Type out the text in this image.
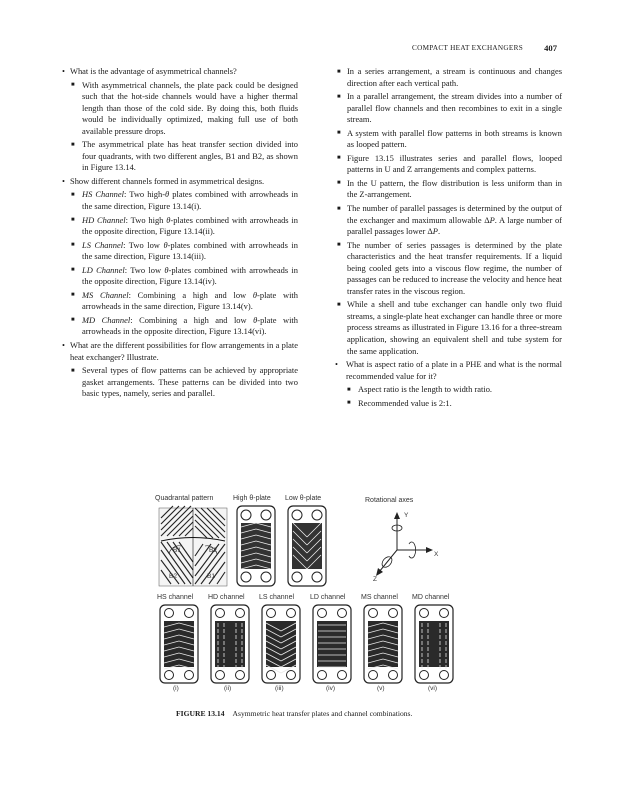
COMPACT HEAT EXCHANGERS 407
• What is the advantage of asymmetrical channels?
■ With asymmetrical channels, the plate pack could be designed such that the hot-side channels would have a higher thermal length than those of the cold side. By doing this, both fluids would be individually optimized, making full use of both available pressure drops.
■ The asymmetrical plate has heat transfer section divided into four quadrants, with two different angles, B1 and B2, as shown in Figure 13.14.
• Show different channels formed in asymmetrical designs.
■ HS Channel: Two high-θ plates combined with arrowheads in the same direction, Figure 13.14(i).
■ HD Channel: Two high θ-plates combined with arrowheads in the opposite direction, Figure 13.14(ii).
■ LS Channel: Two low θ-plates combined with arrowheads in the same direction, Figure 13.14(iii).
■ LD Channel: Two low θ-plates combined with arrowheads in the opposite direction, Figure 13.14(iv).
■ MS Channel: Combining a high and low θ-plate with arrowheads in the same direction, Figure 13.14(v).
■ MD Channel: Combining a high and low θ-plate with arrowheads in the opposite direction, Figure 13.14(vi).
• What are the different possibilities for flow arrangements in a plate heat exchanger? Illustrate.
■ Several types of flow patterns can be achieved by appropriate gasket arrangements. These patterns can be divided into two basic types, namely, series and parallel.
■ In a series arrangement, a stream is continuous and changes direction after each vertical path.
■ In a parallel arrangement, the stream divides into a number of parallel flow channels and then recombines to exit in a single stream.
■ A system with parallel flow patterns in both streams is known as looped pattern.
■ Figure 13.15 illustrates series and parallel flows, looped patterns in U and Z arrangements and complex patterns.
■ In the U pattern, the flow distribution is less uniform than in the Z-arrangement.
■ The number of parallel passages is determined by the output of the exchanger and maximum allowable ΔP. A large number of parallel passages lower ΔP.
■ The number of series passages is determined by the plate characteristics and the heat transfer requirements. If a liquid being cooled gets into a viscous flow regime, the number of passages can be reduced to increase the velocity and hence heat transfer rates in the viscous region.
■ While a shell and tube exchanger can handle only two fluid streams, a single-plate heat exchanger can handle three or more process streams as illustrated in Figure 13.16 for a three-stream application, showing an equivalent shell and tube system for the same application.
• What is aspect ratio of a plate in a PHE and what is the normal recommended value for it?
■ Aspect ratio is the length to width ratio.
■ Recommended value is 2:1.
Quadrantal pattern	High θ-plate Low θ-plate	Rotational axes
B1	B2
B2	B1
Y
X
Z
HS channel
(i)
HD channel
(ii)
LS channel
(iii)
LD channel
(iv)
MS channel
(v)
MD channel
(vi)
FIGURE 13.14 Asymmetric heat transfer plates and channel combinations.
